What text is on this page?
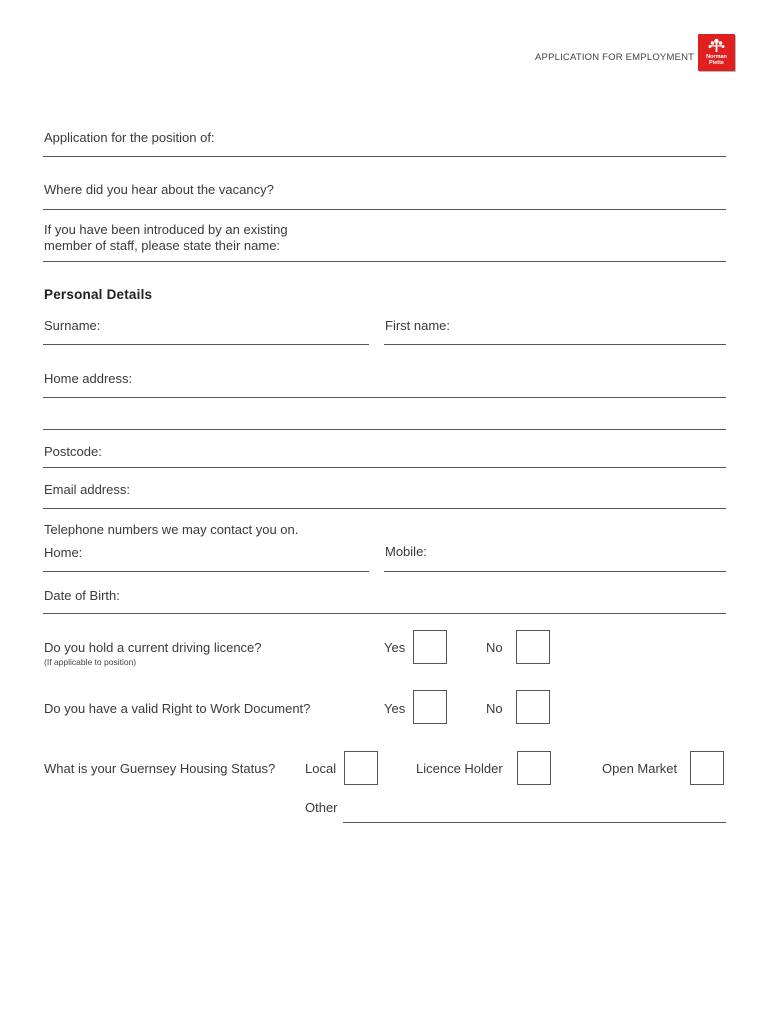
APPLICATION FOR EMPLOYMENT	Norman
Piette
Application for the position of:
Where did you hear about the vacancy?
If you have been introduced by an existing
member of staff, please state their name:
Personal Details
Surname:	First name:
Home address:
Postcode:
Email address:
Telephone numbers we may contact you on.
Home:	Mobile:
Date of Birth:
Do you hold a current driving licence?
(If applicable to position)
Yes	No
Do you have a valid Right to Work Document?	Yes	No
What is your Guernsey Housing Status? Local	Licence Holder	Open Market
Other
